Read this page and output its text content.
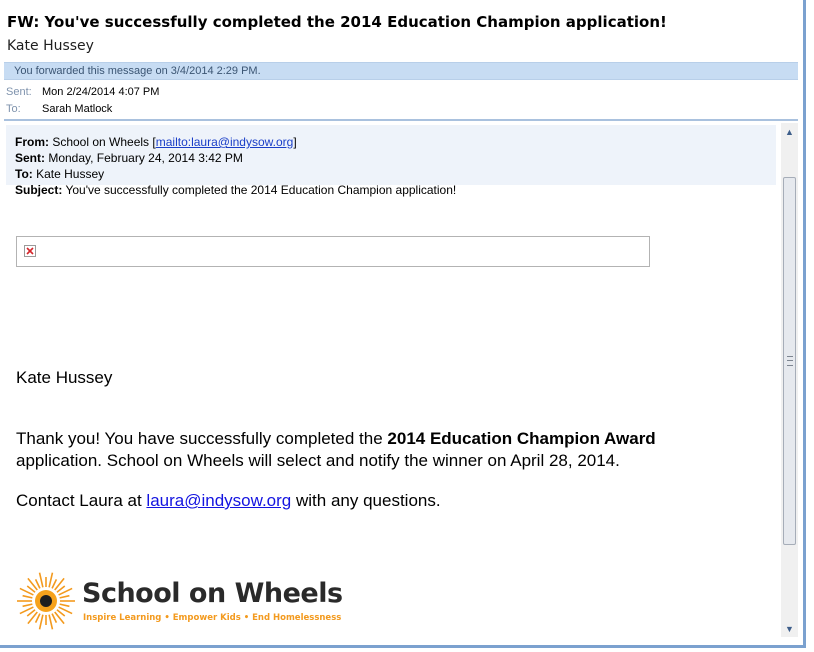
FW: You've successfully completed the 2014 Education Champion application!
Kate Hussey
You forwarded this message on 3/4/2014 2:29 PM.
Sent: Mon 2/24/2014 4:07 PM
To: Sarah Matlock
From: School on Wheels [mailto:laura@indysow.org]
Sent: Monday, February 24, 2014 3:42 PM
To: Kate Hussey
Subject: You've successfully completed the 2014 Education Champion application!
Kate Hussey
Thank you! You have successfully completed the 2014 Education Champion Award
application. School on Wheels will select and notify the winner on April 28, 2014.
Contact Laura at laura@indysow.org with any questions.
School on Wheels
Inspire Learning • Empower Kids • End Homelessness
▲
▼
